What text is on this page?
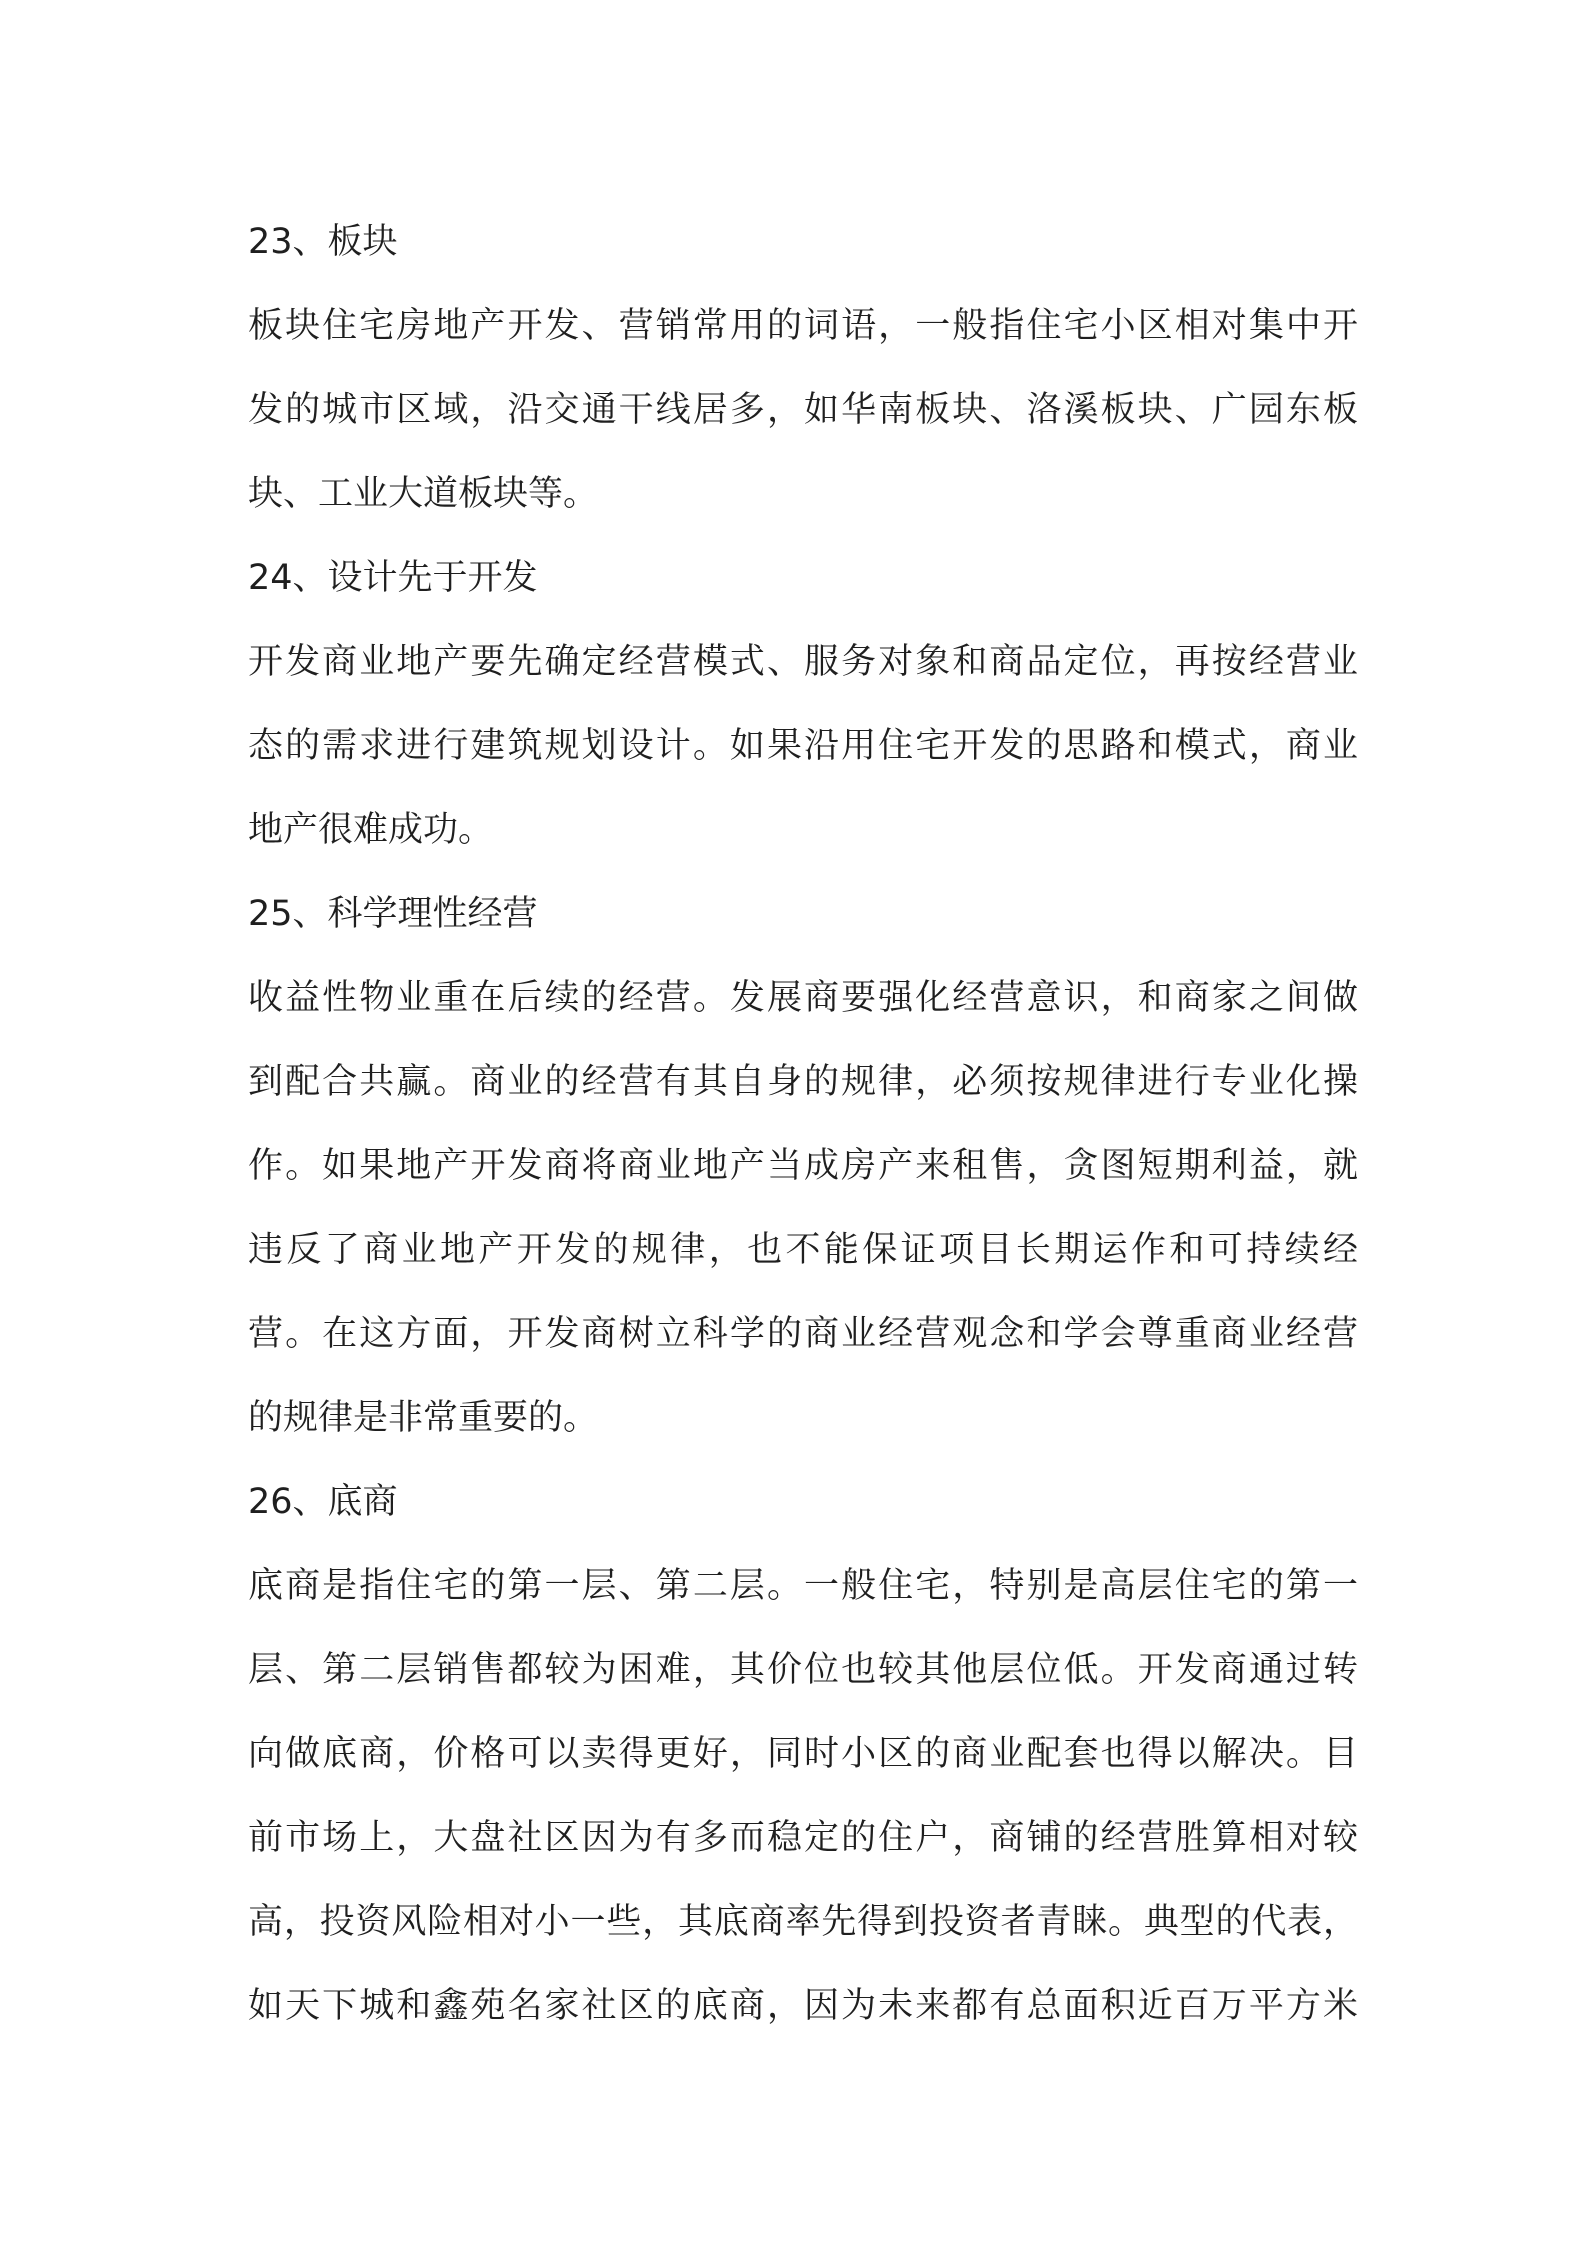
23、板块

板块住宅房地产开发、营销常用的词语，一般指住宅小区相对集中开

发的城市区域，沿交通干线居多，如华南板块、洛溪板块、广园东板

块、工业大道板块等。

24、设计先于开发

开发商业地产要先确定经营模式、服务对象和商品定位，再按经营业

态的需求进行建筑规划设计。如果沿用住宅开发的思路和模式，商业

地产很难成功。

25、科学理性经营

收益性物业重在后续的经营。发展商要强化经营意识，和商家之间做

到配合共赢。商业的经营有其自身的规律，必须按规律进行专业化操

作。如果地产开发商将商业地产当成房产来租售，贪图短期利益，就

违反了商业地产开发的规律，也不能保证项目长期运作和可持续经

营。在这方面，开发商树立科学的商业经营观念和学会尊重商业经营

的规律是非常重要的。

26、底商

底商是指住宅的第一层、第二层。一般住宅，特别是高层住宅的第一

层、第二层销售都较为困难，其价位也较其他层位低。开发商通过转

向做底商，价格可以卖得更好，同时小区的商业配套也得以解决。目

前市场上，大盘社区因为有多而稳定的住户，商铺的经营胜算相对较

高，投资风险相对小一些，其底商率先得到投资者青睐。典型的代表，

如天下城和鑫苑名家社区的底商，因为未来都有总面积近百万平方米
